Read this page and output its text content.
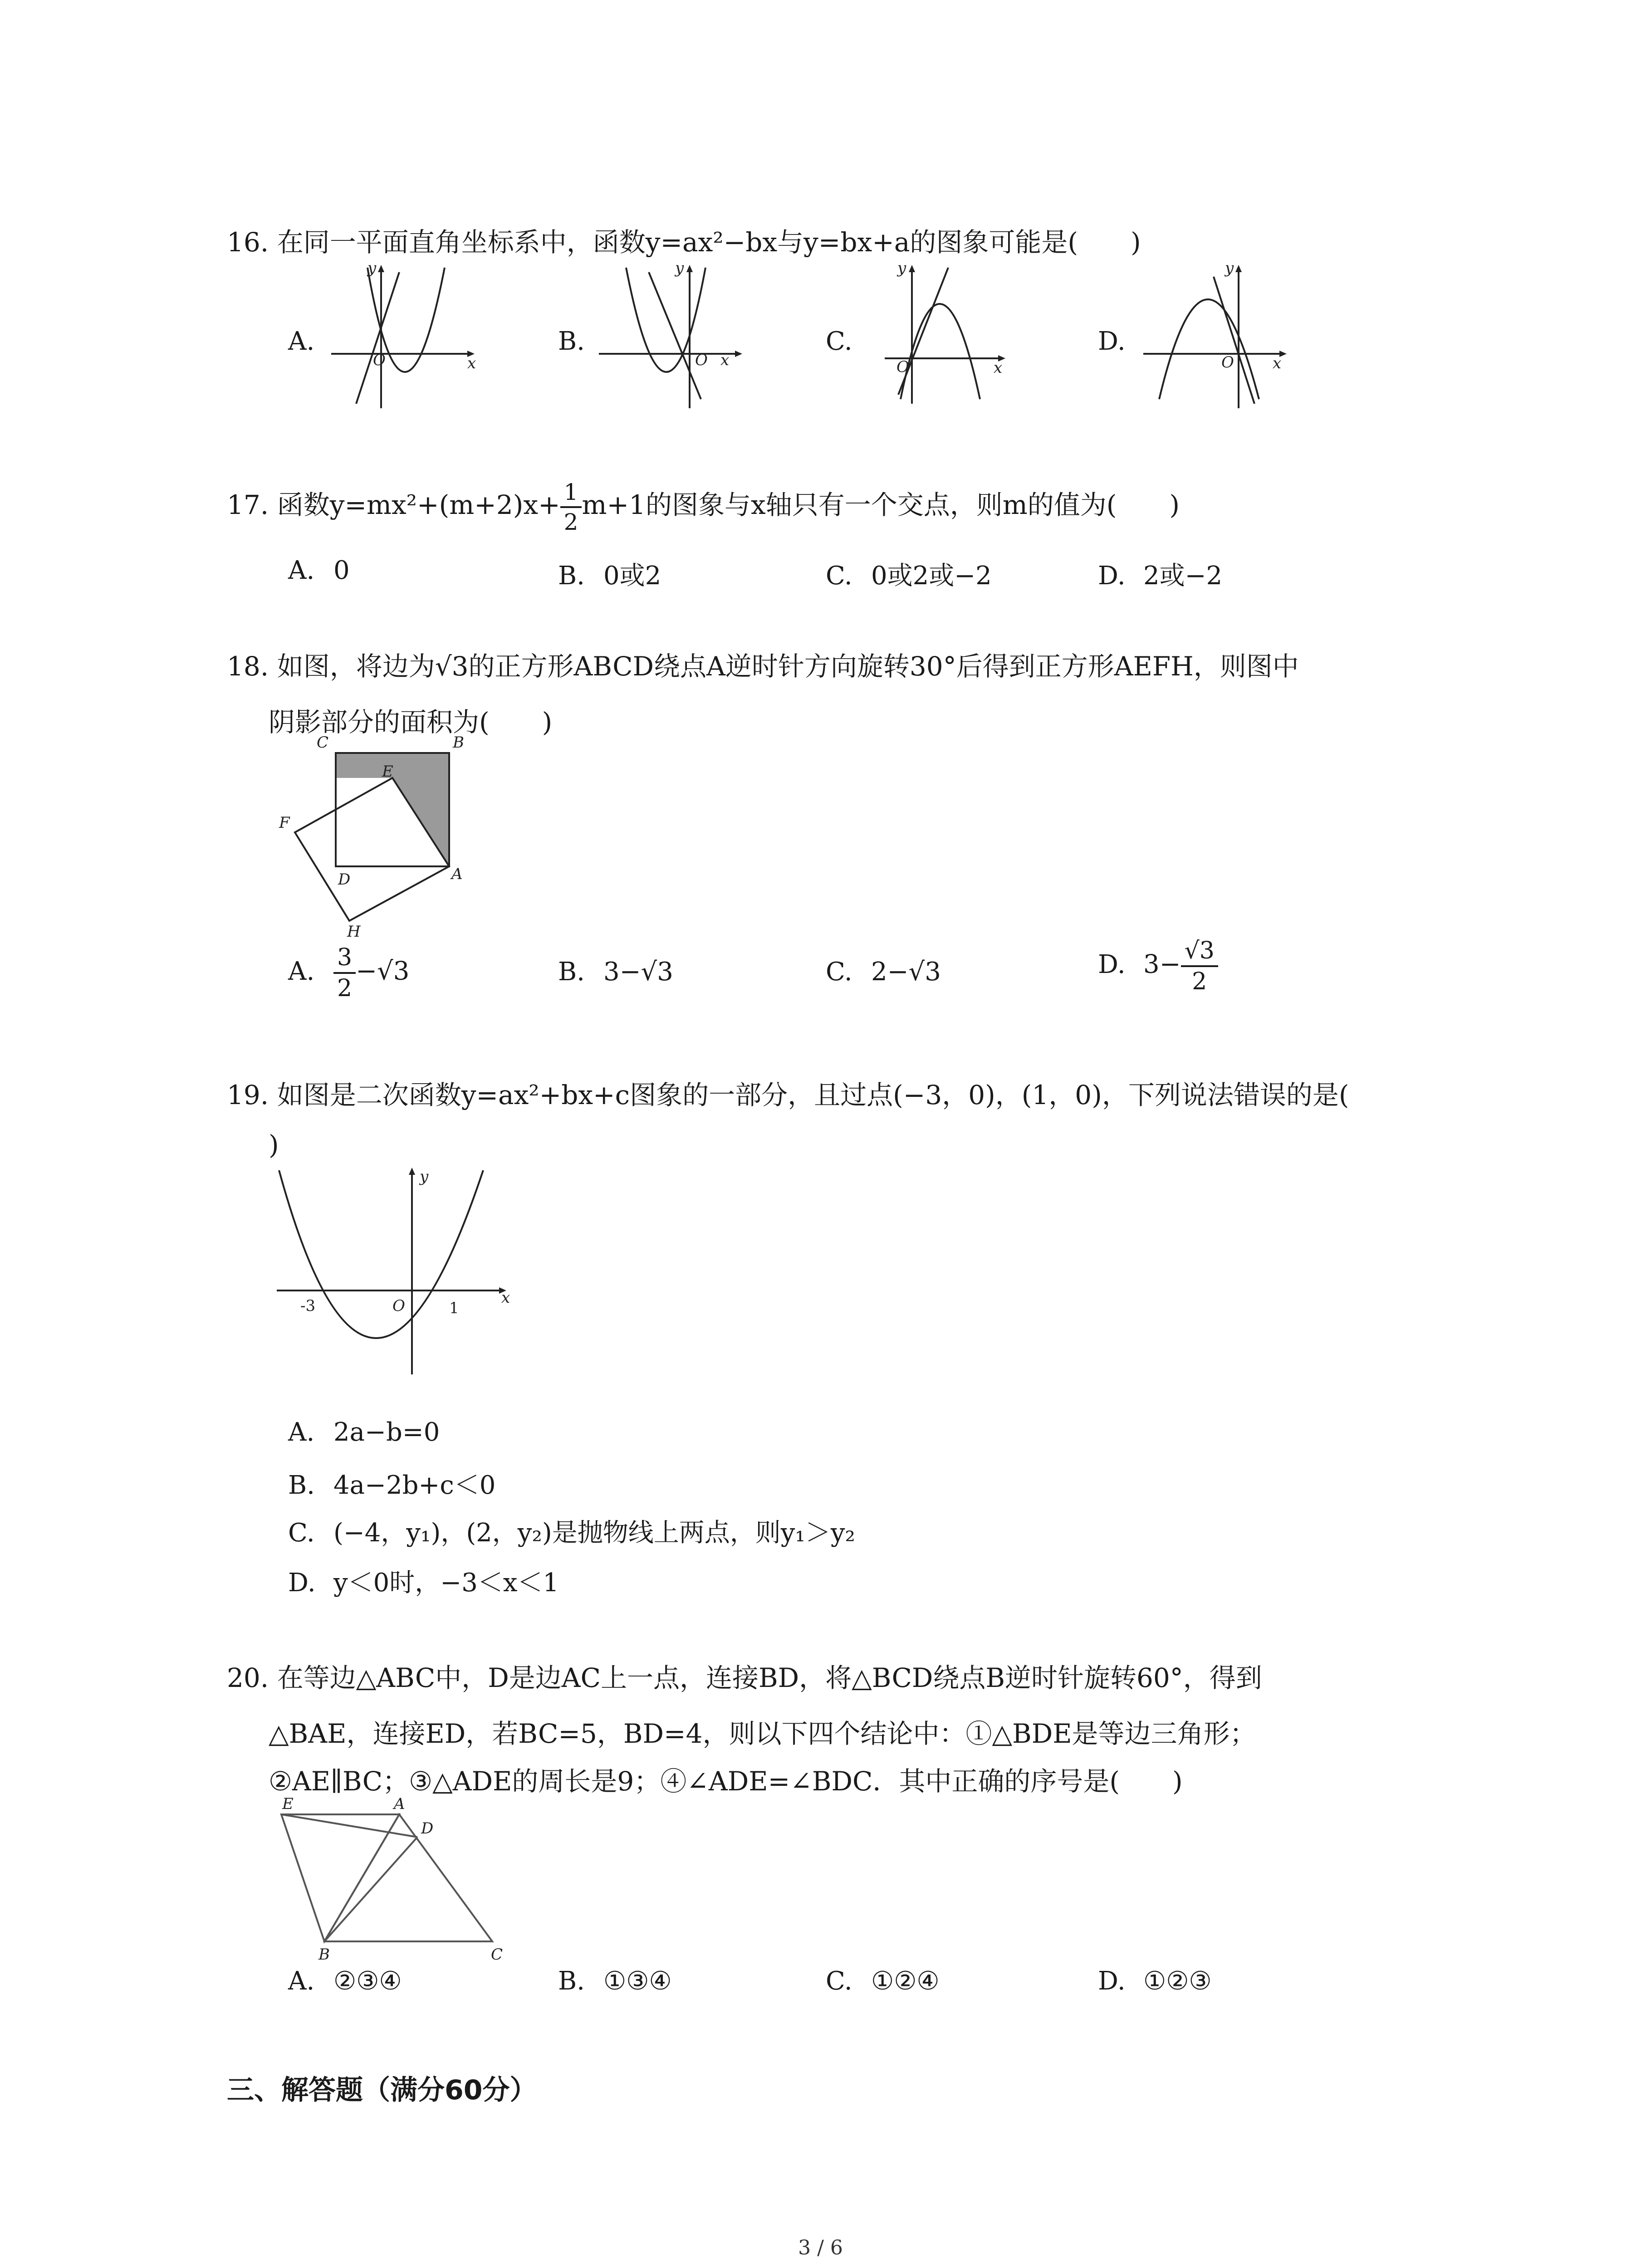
16. 在同一平面直角坐标系中，函数y=ax²−bx与y=bx+a的图象可能是(　　)
A.
O	x
y
B.
O x
y
C.
O	x
y
D.
O	x
y
17. 函数$y=mx^2+(m+2)x+ \frac{1}{2} m+1$的图象与x轴只有一个交点，则m的值为(　　)
A. 0	B. 0或2	C. 0或2或−2	D. 2或−2
18. 如图，将边为√3的正方形ABCD绕点A逆时针方向旋转30°后得到正方形AEFH，则图中
阴影部分的面积为(　　)
C	B
E
F
D	A
H
A. $\frac{3}{2} -√3$	B. 3−√3	C. 2−√3	D. $3- \frac{√3}{2}$
19. 如图是二次函数y=ax²+bx+c图象的一部分，且过点(−3，0)，(1，0)，下列说法错误的是(
)
y
x
O
-3	1
A. 2a−b=0
B. 4a−2b+c＜0
C. (−4，y₁)，(2，y₂)是抛物线上两点，则y₁＞y₂
D. y＜0时，−3＜x＜1
20. 在等边△ABC中，D是边AC上一点，连接BD，将△BCD绕点B逆时针旋转60°，得到
△BAE，连接ED，若BC=5，BD=4，则以下四个结论中：①△BDE是等边三角形；
②AE∥BC；③△ADE的周长是9；④∠ADE=∠BDC．其中正确的序号是(　　)
E	A
D
B	C
A. ②③④	B. ①③④	C. ①②④	D. ①②③
三、解答题（满分60分）
3 / 6
